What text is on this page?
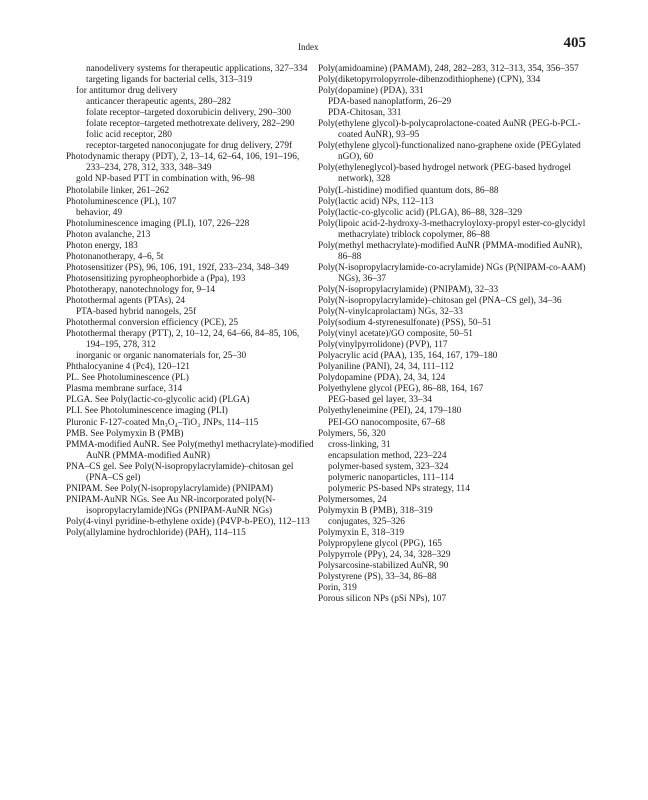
Index	405
nanodelivery systems for therapeutic applications, 327–334
targeting ligands for bacterial cells, 313–319
for antitumor drug delivery
anticancer therapeutic agents, 280–282
folate receptor–targeted doxorubicin delivery, 290–300
folate receptor–targeted methotrexate delivery, 282–290
folic acid receptor, 280
receptor-targeted nanoconjugate for drug delivery, 279f
Photodynamic therapy (PDT), 2, 13–14, 62–64, 106, 191–196, 233–234, 278, 312, 333, 348–349
gold NP-based PTT in combination with, 96–98
Photolabile linker, 261–262
Photoluminescence (PL), 107
behavior, 49
Photoluminescence imaging (PLI), 107, 226–228
Photon avalanche, 213
Photon energy, 183
Photonanotherapy, 4–6, 5t
Photosensitizer (PS), 96, 106, 191, 192f, 233–234, 348–349
Photosensitizing pyropheophorbide a (Ppa), 193
Phototherapy, nanotechnology for, 9–14
Photothermal agents (PTAs), 24
PTA-based hybrid nanogels, 25f
Photothermal conversion efficiency (PCE), 25
Photothermal therapy (PTT), 2, 10–12, 24, 64–66, 84–85, 106, 194–195, 278, 312
inorganic or organic nanomaterials for, 25–30
Phthalocyanine 4 (Pc4), 120–121
PL. See Photoluminescence (PL)
Plasma membrane surface, 314
PLGA. See Poly(lactic-co-glycolic acid) (PLGA)
PLI. See Photoluminescence imaging (PLI)
Pluronic F-127-coated Mn₃O₄–TiO₂ JNPs, 114–115
PMB. See Polymyxin B (PMB)
PMMA-modified AuNR. See Poly(methyl methacrylate)-modified AuNR (PMMA-modified AuNR)
PNA–CS gel. See Poly(N-isopropylacrylamide)–chitosan gel (PNA–CS gel)
PNIPAM. See Poly(N-isopropylacrylamide) (PNIPAM)
PNIPAM-AuNR NGs. See Au NR-incorporated poly(N-isopropylacrylamide)NGs (PNIPAM-AuNR NGs)
Poly(4-vinyl pyridine-b-ethylene oxide) (P4VP-b-PEO), 112–113
Poly(allylamine hydrochloride) (PAH), 114–115
Poly(amidoamine) (PAMAM), 248, 282–283, 312–313, 354, 356–357
Poly(diketopyrrolopyrrole-dibenzodithiophene) (CPN), 334
Poly(dopamine) (PDA), 331
PDA-based nanoplatform, 26–29
PDA-Chitosan, 331
Poly(ethylene glycol)-b-polycaprolactone-coated AuNR (PEG-b-PCL-coated AuNR), 93–95
Poly(ethylene glycol)-functionalized nano-graphene oxide (PEGylated nGO), 60
Poly(ethyleneglycol)-based hydrogel network (PEG-based hydrogel network), 328
Poly(L-histidine) modified quantum dots, 86–88
Poly(lactic acid) NPs, 112–113
Poly(lactic-co-glycolic acid) (PLGA), 86–88, 328–329
Poly(lipoic acid-2-hydroxy-3-methacryloyloxy-propyl ester-co-glycidyl methacrylate) triblock copolymer, 86–88
Poly(methyl methacrylate)-modified AuNR (PMMA-modified AuNR), 86–88
Poly(N-isopropylacrylamide-co-acrylamide) NGs (P(NIPAM-co-AAM) NGs), 36–37
Poly(N-isopropylacrylamide) (PNIPAM), 32–33
Poly(N-isopropylacrylamide)–chitosan gel (PNA–CS gel), 34–36
Poly(N-vinylcaprolactam) NGs, 32–33
Poly(sodium 4-styrenesulfonate) (PSS), 50–51
Poly(vinyl acetate)/GO composite, 50–51
Poly(vinylpyrrolidone) (PVP), 117
Polyacrylic acid (PAA), 135, 164, 167, 179–180
Polyaniline (PANI), 24, 34, 111–112
Polydopamine (PDA), 24, 34, 124
Polyethylene glycol (PEG), 86–88, 164, 167
PEG-based gel layer, 33–34
Polyethyleneimine (PEI), 24, 179–180
PEI-GO nanocomposite, 67–68
Polymers, 56, 320
cross-linking, 31
encapsulation method, 223–224
polymer-based system, 323–324
polymeric nanoparticles, 111–114
polymeric PS-based NPs strategy, 114
Polymersomes, 24
Polymyxin B (PMB), 318–319
conjugates, 325–326
Polymyxin E, 318–319
Polypropylene glycol (PPG), 165
Polypyrrole (PPy), 24, 34, 328–329
Polysarcosine-stabilized AuNR, 90
Polystyrene (PS), 33–34, 86–88
Porin, 319
Porous silicon NPs (pSi NPs), 107
